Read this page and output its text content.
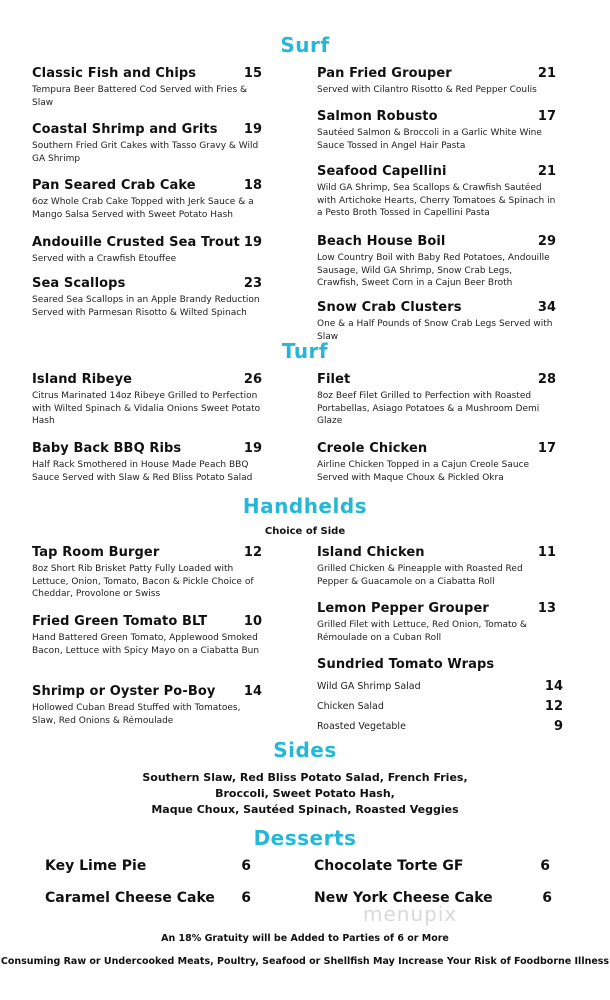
Surf
Classic Fish and Chips	15
Tempura Beer Battered Cod Served with Fries & Slaw
Coastal Shrimp and Grits	19
Southern Fried Grit Cakes with Tasso Gravy & Wild GA Shrimp
Pan Seared Crab Cake	18
6oz Whole Crab Cake Topped with Jerk Sauce & a Mango Salsa Served with Sweet Potato Hash
Andouille Crusted Sea Trout 19
Served with a Crawfish Etouffee
Sea Scallops	23
Seared Sea Scallops in an Apple Brandy Reduction Served with Parmesan Risotto & Wilted Spinach
Pan Fried Grouper	21
Served with Cilantro Risotto & Red Pepper Coulis
Salmon Robusto	17
Sautéed Salmon & Broccoli in a Garlic White Wine Sauce Tossed in Angel Hair Pasta
Seafood Capellini	21
Wild GA Shrimp, Sea Scallops & Crawfish Sautéed with Artichoke Hearts, Cherry Tomatoes & Spinach in a Pesto Broth Tossed in Capellini Pasta
Beach House Boil	29
Low Country Boil with Baby Red Potatoes, Andouille Sausage, Wild GA Shrimp, Snow Crab Legs, Crawfish, Sweet Corn in a Cajun Beer Broth
Snow Crab Clusters	34
One & a Half Pounds of Snow Crab Legs Served with Slaw
Turf
Island Ribeye	26
Citrus Marinated 14oz Ribeye Grilled to Perfection with Wilted Spinach & Vidalia Onions Sweet Potato Hash
Baby Back BBQ Ribs	19
Half Rack Smothered in House Made Peach BBQ Sauce Served with Slaw & Red Bliss Potato Salad
Filet	28
8oz Beef Filet Grilled to Perfection with Roasted Portabellas, Asiago Potatoes & a Mushroom Demi Glaze
Creole Chicken	17
Airline Chicken Topped in a Cajun Creole Sauce Served with Maque Choux & Pickled Okra
Handhelds
Choice of Side
Tap Room Burger	12
8oz Short Rib Brisket Patty Fully Loaded with Lettuce, Onion, Tomato, Bacon & Pickle Choice of Cheddar, Provolone or Swiss
Fried Green Tomato BLT	10
Hand Battered Green Tomato, Applewood Smoked Bacon, Lettuce with Spicy Mayo on a Ciabatta Bun
Shrimp or Oyster Po-Boy	14
Hollowed Cuban Bread Stuffed with Tomatoes, Slaw, Red Onions & Rémoulade
Island Chicken	11
Grilled Chicken & Pineapple with Roasted Red Pepper & Guacamole on a Ciabatta Roll
Lemon Pepper Grouper	13
Grilled Filet with Lettuce, Red Onion, Tomato & Rémoulade on a Cuban Roll
Sundried Tomato Wraps
Wild GA Shrimp Salad	14
Chicken Salad	12
Roasted Vegetable	9
Sides
Southern Slaw, Red Bliss Potato Salad, French Fries,
Broccoli, Sweet Potato Hash,
Maque Choux, Sautéed Spinach, Roasted Veggies
Desserts
Key Lime Pie	6	Chocolate Torte GF	6
Caramel Cheese Cake 6	New York Cheese Cake	6
menupix
An 18% Gratuity will be Added to Parties of 6 or More
Consuming Raw or Undercooked Meats, Poultry, Seafood or Shellfish May Increase Your Risk of Foodborne Illness
